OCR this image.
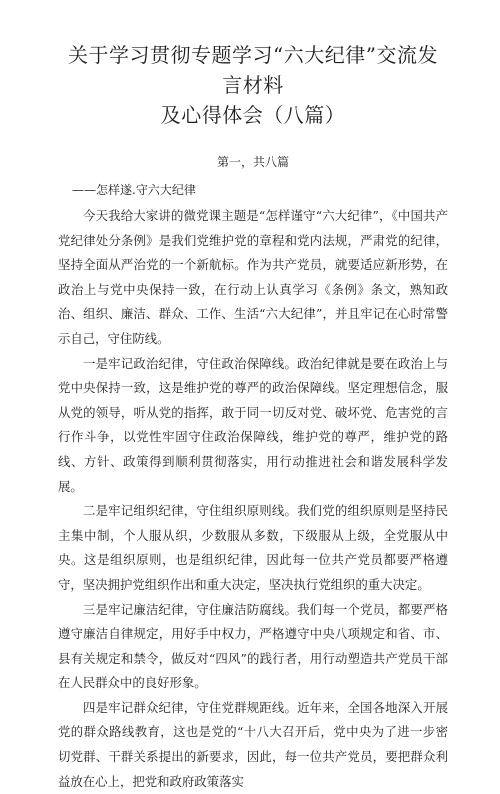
关于学习贯彻专题学习“六大纪律”交流发言材料
及心得体会（八篇）

第一，共八篇

——怎样遂.守六大纪律

今天我给大家讲的微党课主题是“怎样谨守“六大纪律”，《中国共产党纪律处分条例》是我们党维护党的章程和党内法规，严肃党的纪律，坚持全面从严治党的一个新航标。作为共产党员，就要适应新形势，在政治上与党中央保持一致，在行动上认真学习《条例》条文，熟知政治、组织、廉洁、群众、工作、生活“六大纪律”，并且牢记在心时常警示自己，守住防线。

一是牢记政治纪律，守住政治保障线。政治纪律就是要在政治上与党中央保持一致，这是维护党的尊严的政治保障线。坚定理想信念，服从党的领导，听从党的指挥，敢于同一切反对党、破坏党、危害党的言行作斗争，以党性牢固守住政治保障线，维护党的尊严，维护党的路线、方针、政策得到顺利贯彻落实，用行动推进社会和谐发展科学发展。

二是牢记组织纪律，守住组织原则线。我们党的组织原则是坚持民主集中制，个人服从织，少数服从多数，下级服从上级，全党服从中央。这是组织原则，也是组织纪律，因此每一位共产党员都要严格遵守，坚决拥护党组织作出和重大决定，坚决执行党组织的重大决定。

三是牢记廉洁纪律，守住廉洁防腐线。我们每一个党员，都要严格遵守廉洁自律规定，用好手中权力，严格遵守中央八项规定和省、市、县有关规定和禁令，做反对“四风”的践行者，用行动塑造共产党员干部在人民群众中的良好形象。

四是牢记群众纪律，守住党群规距线。近年来，全国各地深入开展党的群众路线教育，这也是党的“十八大召开后，党中央为了进一步密切党群、干群关系提出的新要求，因此，每一位共产党员，要把群众利益放在心上，把党和政府政策落实
